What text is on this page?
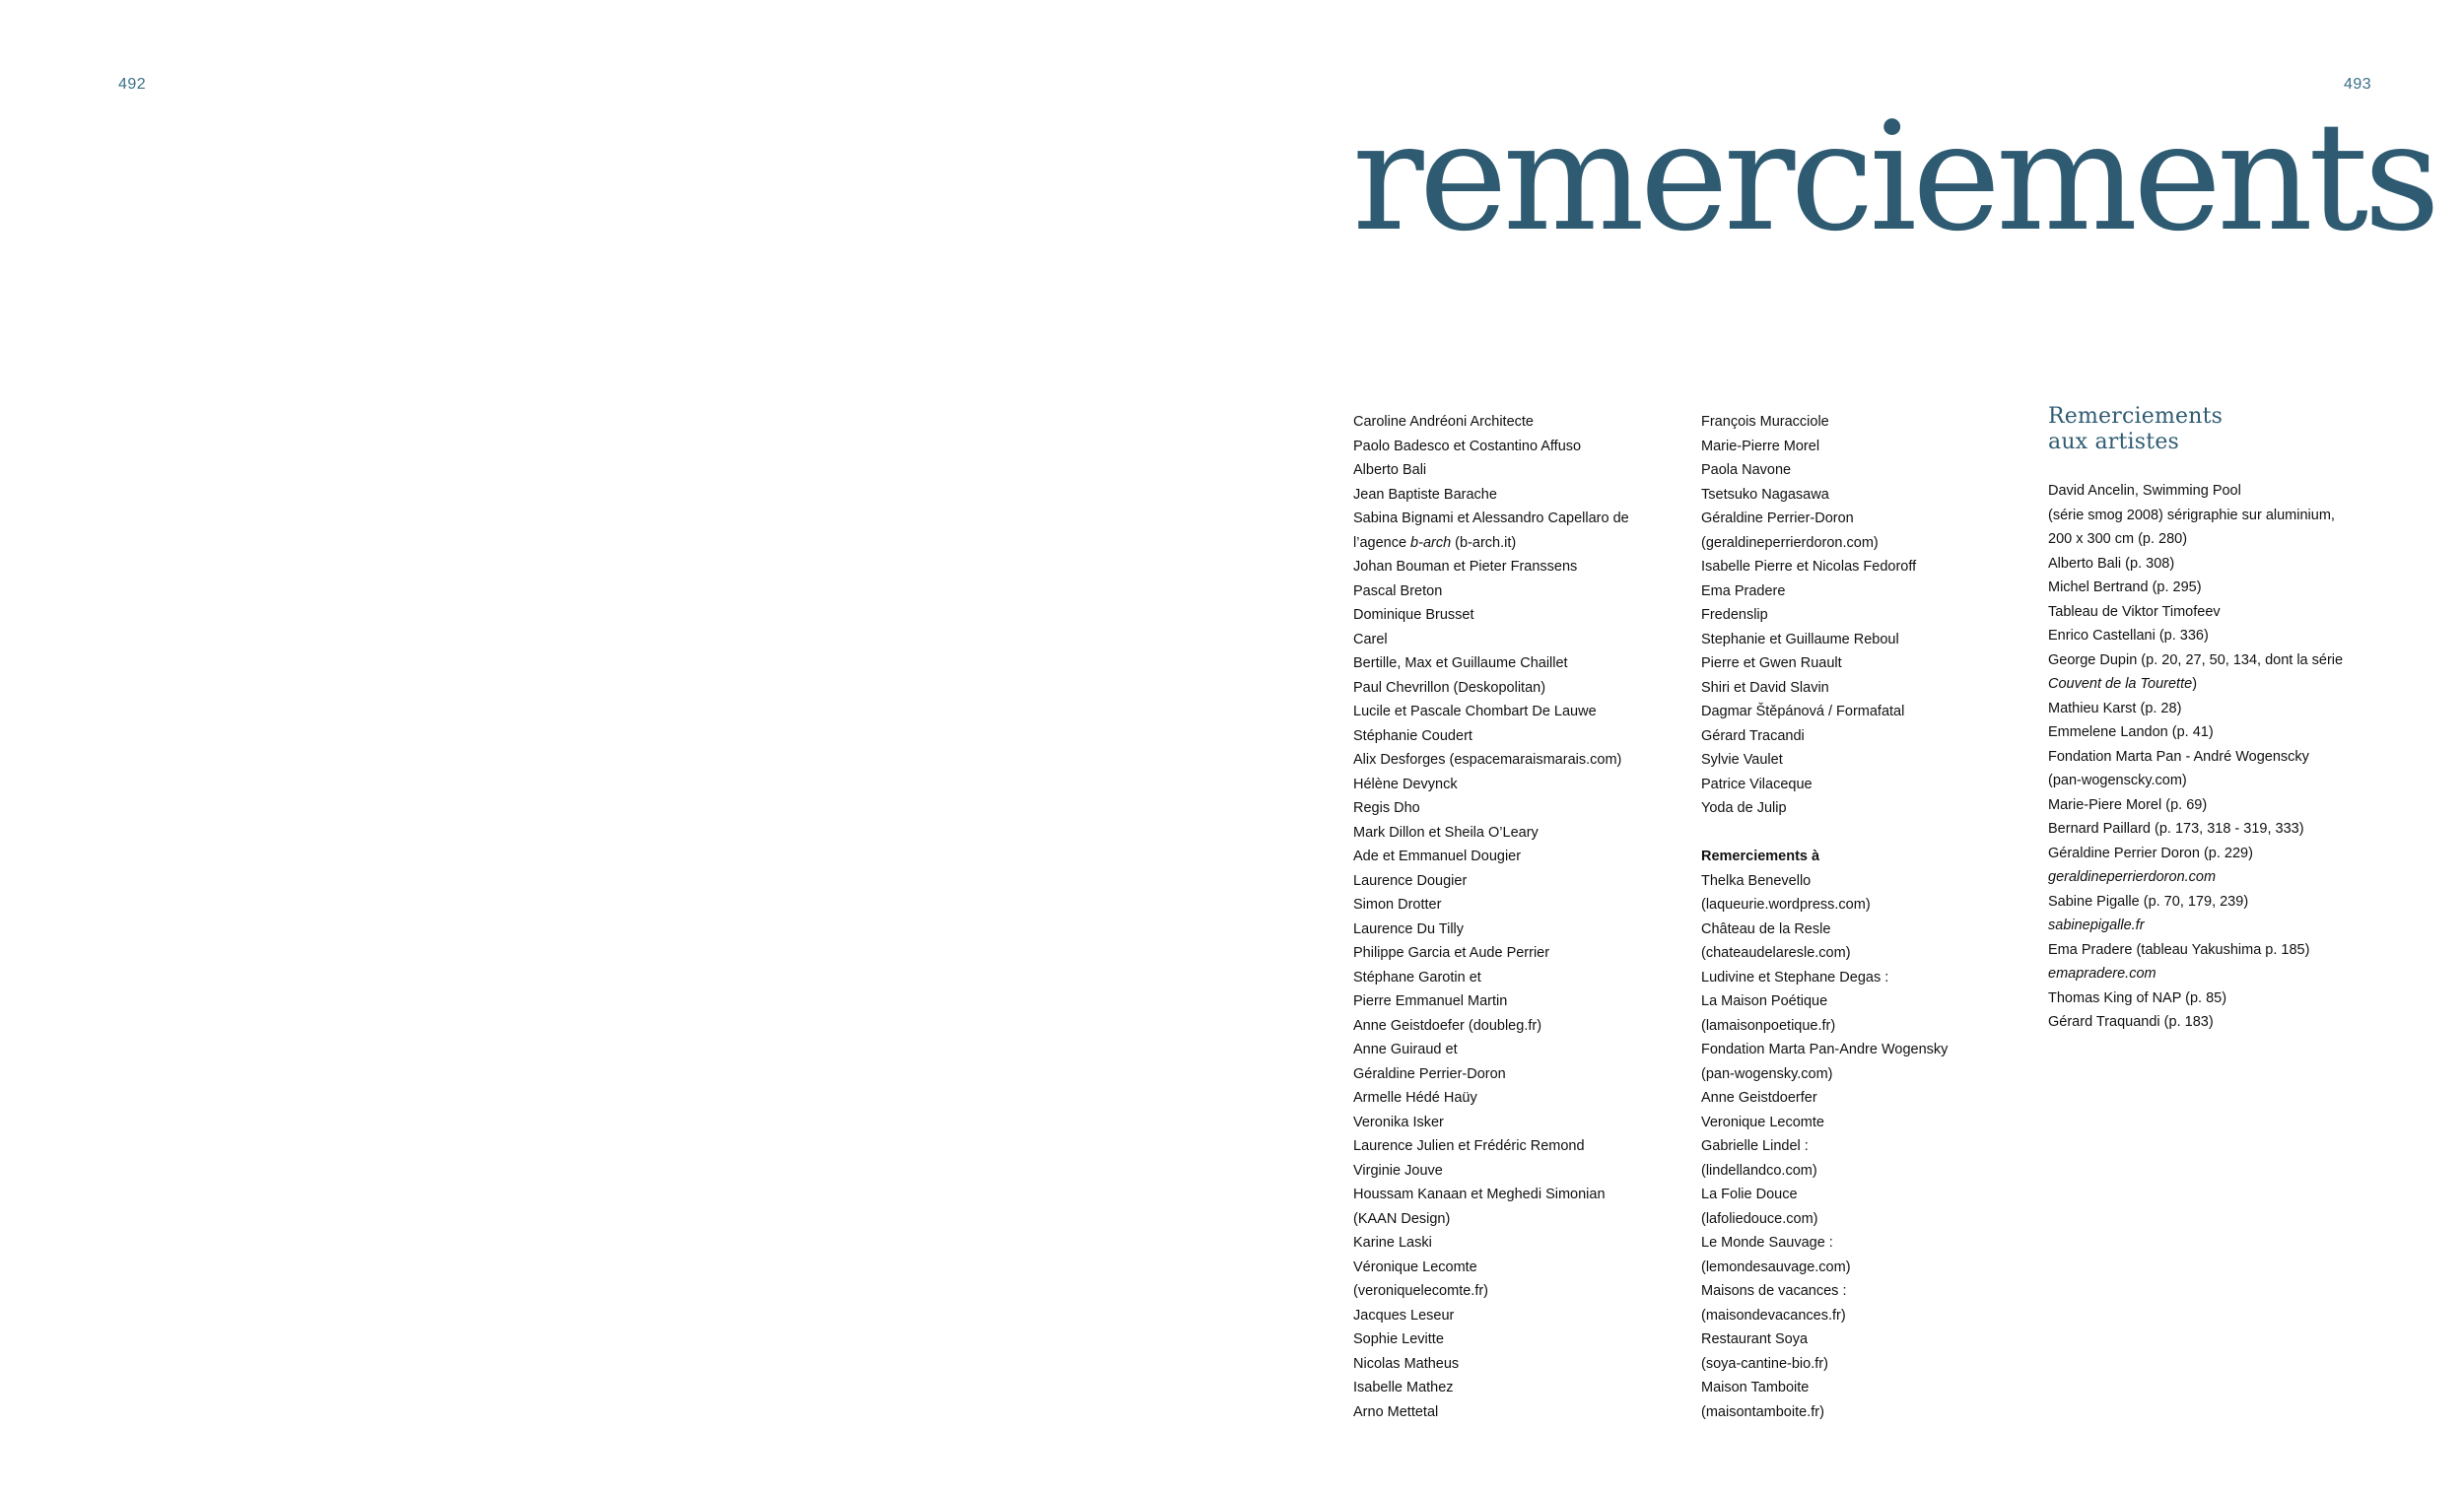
492	493
remerciements
Caroline Andréoni Architecte
Paolo Badesco et Costantino Affuso
Alberto Bali
Jean Baptiste Barache
Sabina Bignami et Alessandro Capellaro de
l’agence b-arch (b-arch.it)
Johan Bouman et Pieter Franssens
Pascal Breton
Dominique Brusset
Carel
Bertille, Max et Guillaume Chaillet
Paul Chevrillon (Deskopolitan)
Lucile et Pascale Chombart De Lauwe
Stéphanie Coudert
Alix Desforges (espacemaraismarais.com)
Hélène Devynck
Regis Dho
Mark Dillon et Sheila O’Leary
Ade et Emmanuel Dougier
Laurence Dougier
Simon Drotter
Laurence Du Tilly
Philippe Garcia et Aude Perrier
Stéphane Garotin et
Pierre Emmanuel Martin
Anne Geistdoefer (doubleg.fr)
Anne Guiraud et
Géraldine Perrier-Doron
Armelle Hédé Haüy
Veronika Isker
Laurence Julien et Frédéric Remond
Virginie Jouve
Houssam Kanaan et Meghedi Simonian
(KAAN Design)
Karine Laski
Véronique Lecomte
(veroniquelecomte.fr)
Jacques Leseur
Sophie Levitte
Nicolas Matheus
Isabelle Mathez
Arno Mettetal
François Muracciole
Marie-Pierre Morel
Paola Navone
Tsetsuko Nagasawa
Géraldine Perrier-Doron
(geraldineperrierdoron.com)
Isabelle Pierre et Nicolas Fedoroff
Ema Pradere
Fredenslip
Stephanie et Guillaume Reboul
Pierre et Gwen Ruault
Shiri et David Slavin
Dagmar Štěpánová / Formafatal
Gérard Tracandi
Sylvie Vaulet
Patrice Vilaceque
Yoda de Julip
Remerciements à
Thelka Benevello
(laqueurie.wordpress.com)
Château de la Resle
(chateaudelaresle.com)
Ludivine et Stephane Degas :
La Maison Poétique
(lamaisonpoetique.fr)
Fondation Marta Pan-Andre Wogensky
(pan-wogensky.com)
Anne Geistdoerfer
Veronique Lecomte
Gabrielle Lindel :
(lindellandco.com)
La Folie Douce
(lafoliedouce.com)
Le Monde Sauvage :
(lemondesauvage.com)
Maisons de vacances :
(maisondevacances.fr)
Restaurant Soya
(soya-cantine-bio.fr)
Maison Tamboite
(maisontamboite.fr)
Remerciements
aux artistes
David Ancelin, Swimming Pool
(série smog 2008) sérigraphie sur aluminium,
200 x 300 cm (p. 280)
Alberto Bali (p. 308)
Michel Bertrand (p. 295)
Tableau de Viktor Timofeev
Enrico Castellani (p. 336)
George Dupin (p. 20, 27, 50, 134, dont la série
Couvent de la Tourette)
Mathieu Karst (p. 28)
Emmelene Landon (p. 41)
Fondation Marta Pan - André Wogenscky
(pan-wogenscky.com)
Marie-Piere Morel (p. 69)
Bernard Paillard (p. 173, 318 - 319, 333)
Géraldine Perrier Doron (p. 229)
geraldineperrierdoron.com
Sabine Pigalle (p. 70, 179, 239)
sabinepigalle.fr
Ema Pradere (tableau Yakushima p. 185)
emapradere.com
Thomas King of NAP (p. 85)
Gérard Traquandi (p. 183)
